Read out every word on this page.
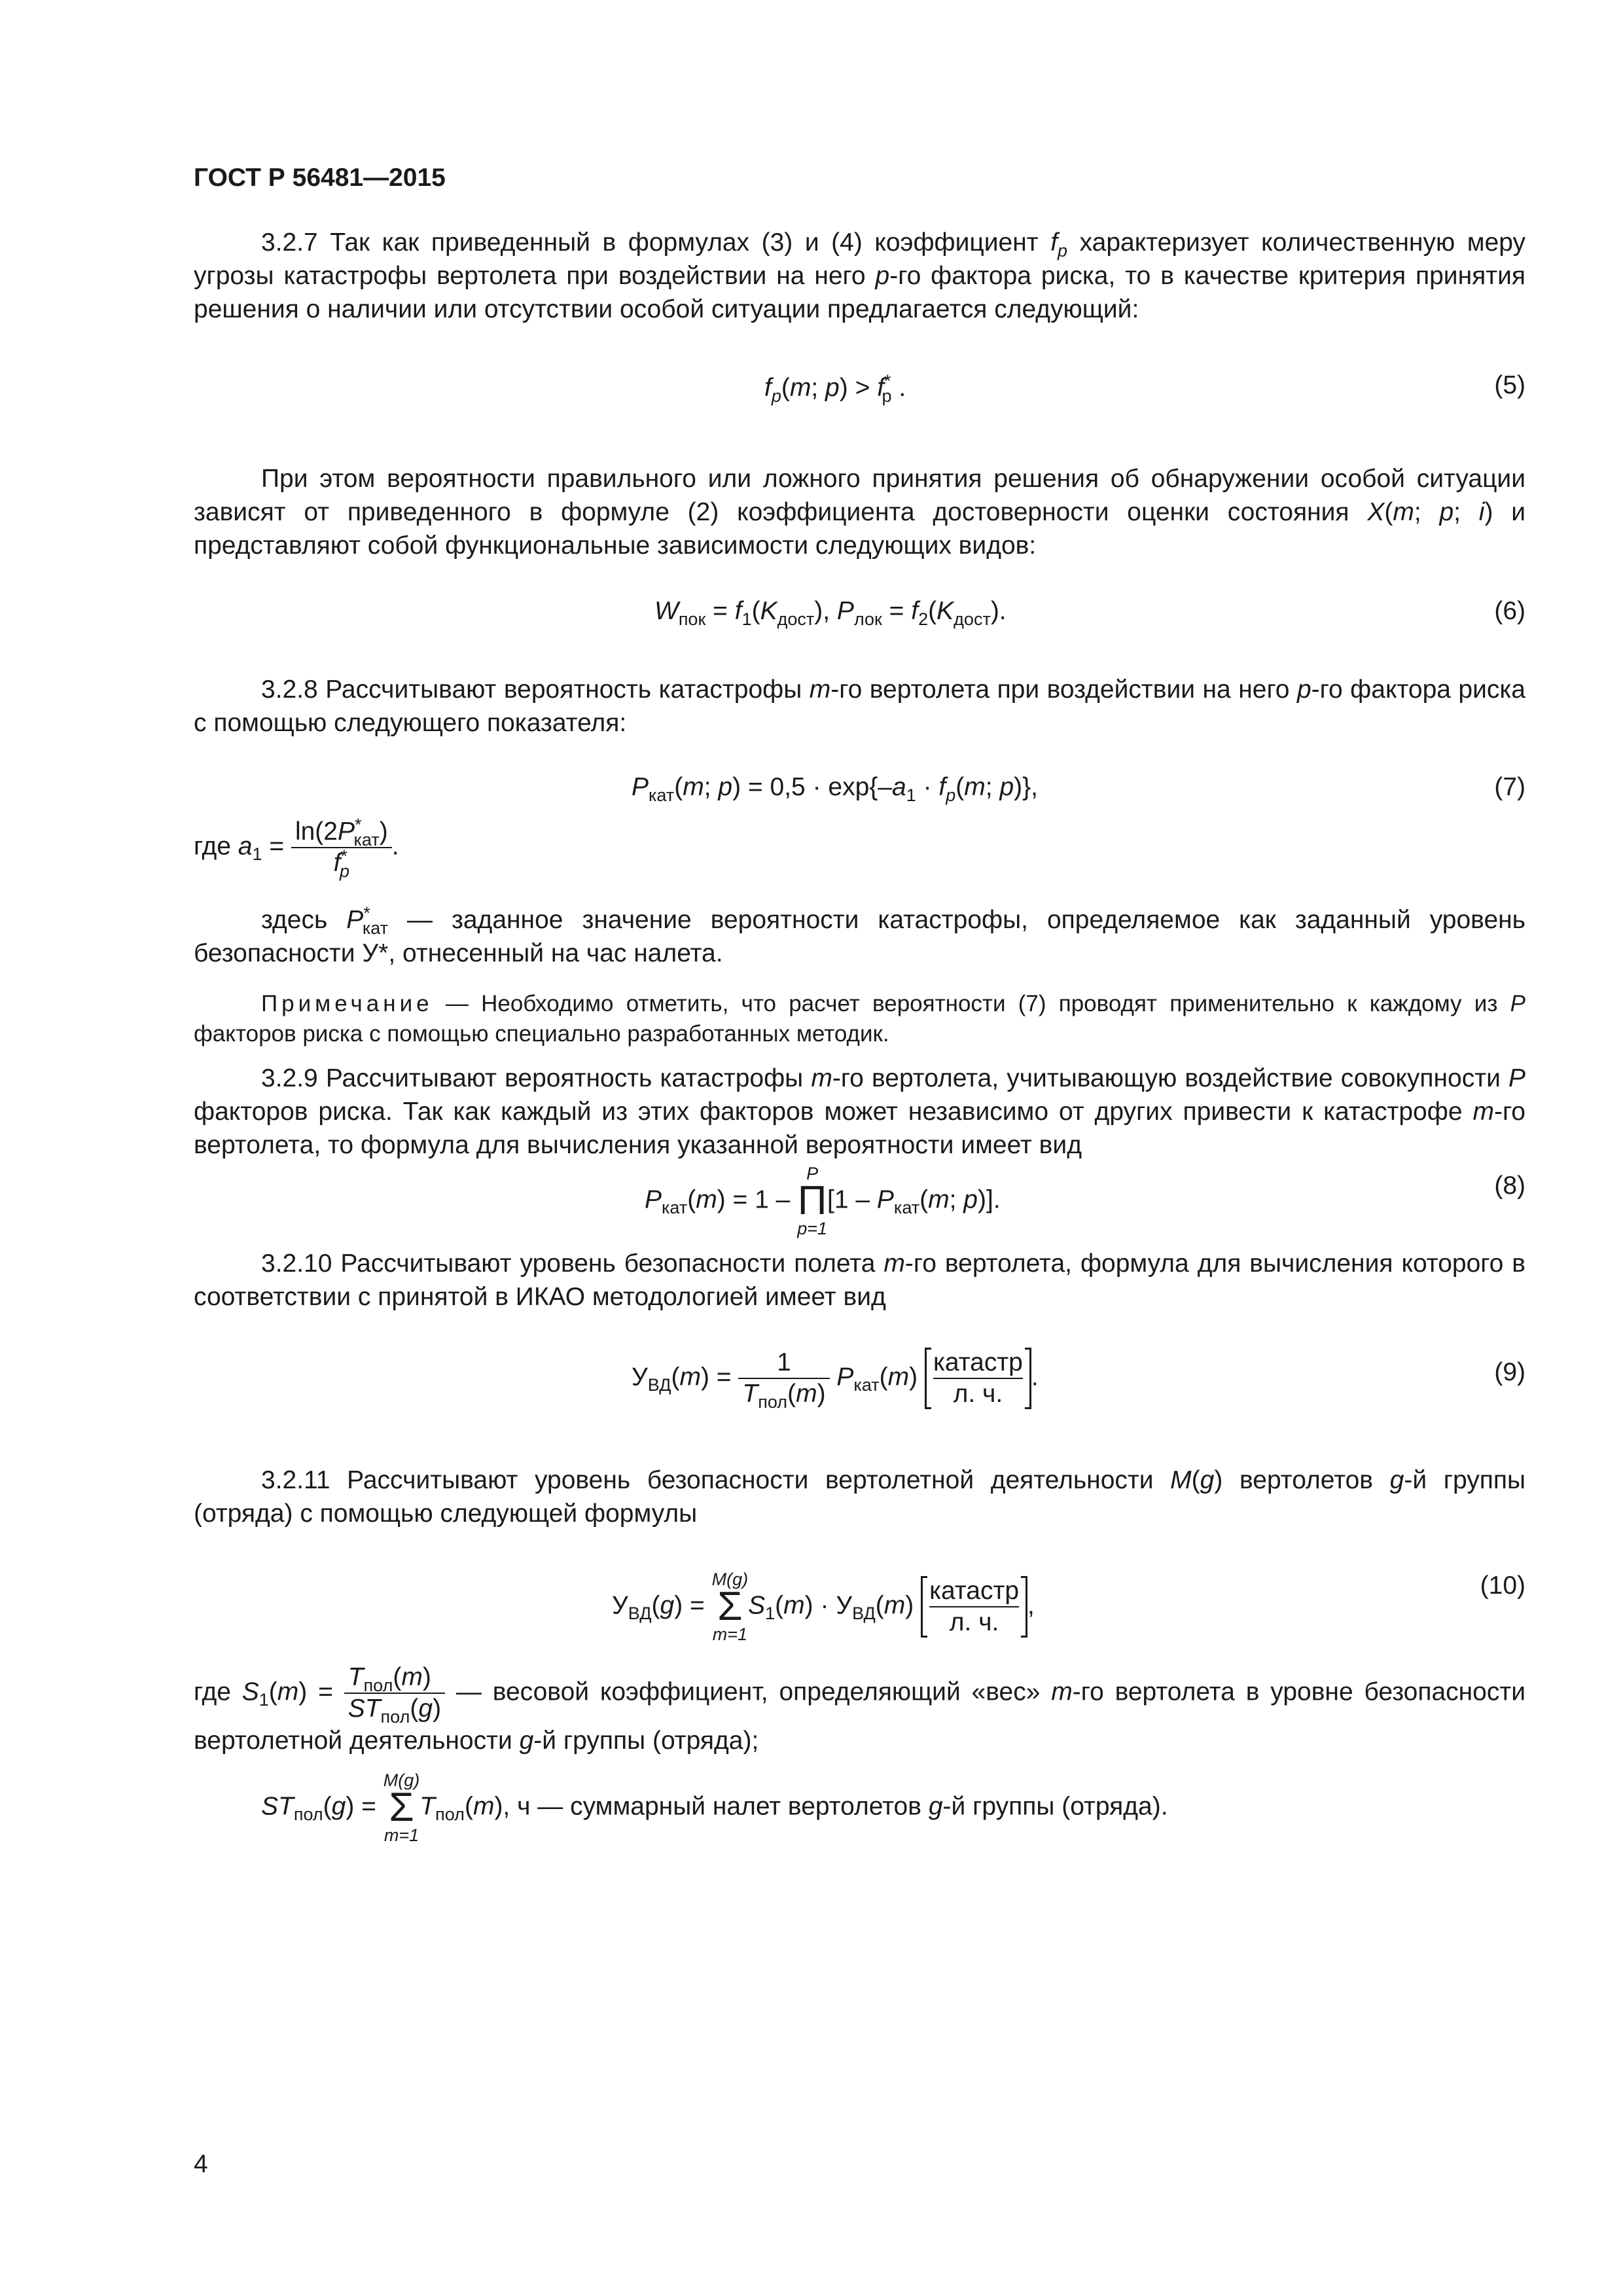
ГОСТ Р 56481—2015
3.2.7 Так как приведенный в формулах (3) и (4) коэффициент $f_p$ характеризует количественную меру угрозы катастрофы вертолета при воздействии на него p-го фактора риска, то в качестве критерия принятия решения о наличии или отсутствии особой ситуации предлагается следующий:
$f_p(m$; $p) > f^*_p$ .	(5)
При этом вероятности правильного или ложного принятия решения об обнаружении особой ситуации зависят от приведенного в формуле (2) коэффициента достоверности оценки состояния X(m; p; i) и представляют собой функциональные зависимости следующих видов:
$W_{пок} = f_1(K_{дост})$, $P_{лок} = f_2(K_{дост})$.	(6)
3.2.8 Рассчитывают вероятность катастрофы m-го вертолета при воздействии на него p-го фактора риска с помощью следующего показателя:
$P_{кат}(m$; $p) = 0,5 \cdot \exp\{-a_1 \cdot f_p(m$; p)},	(7)
где $a_1 = \frac{\ln(2P^*_{кат})}{f^*_p}$ .
здесь $P^*_{кат}$ — заданное значение вероятности катастрофы, определяемое как заданный уровень безопасности У*, отнесенный на час налета.
Примечание — Необходимо отметить, что расчет вероятности (7) проводят применительно к каждому из P факторов риска с помощью специально разработанных методик.
3.2.9 Рассчитывают вероятность катастрофы m-го вертолета, учитывающую воздействие совокупности P факторов риска. Так как каждый из этих факторов может независимо от других привести к катастрофе m-го вертолета, то формула для вычисления указанной вероятности имеет вид
$P_{кат}(m) = 1$ –
P
Π
p=1
[$1 - P_{кат}(m$; p)].	(8)
3.2.10 Рассчитывают уровень безопасности полета m-го вертолета, формула для вычисления которого в соответствии с принятой в ИКАО методологией имеет вид
$У_{ВД}(m) = \frac{1}{T_{пол}(m)} P_{кат}(m) \frac{\text{катастр}}{л. ч.}$ .	(9)
3.2.11 Рассчитывают уровень безопасности вертолетной деятельности M(g) вертолетов g-й группы (отряда) с помощью следующей формулы
$У_{ВД}(g)$ =
M(g)
Σ
m=1
$S_1(m) \cdot У_{ВД}(m) \frac{\text{катастр}}{л. ч.}$ ,
(10)
где $S_1(m) = \frac{T_{пол}(m)}{ST_{пол}(g)}$ — весовой коэффициент, определяющий «вес» m-го вертолета в уровне безопасности вертолетной деятельности g-й группы (отряда);
$ST_{пол}(g)$ =
M(g)
Σ
m=1
$T_{пол}(m)$, ч — суммарный налет вертолетов g-й группы (отряда).
4
